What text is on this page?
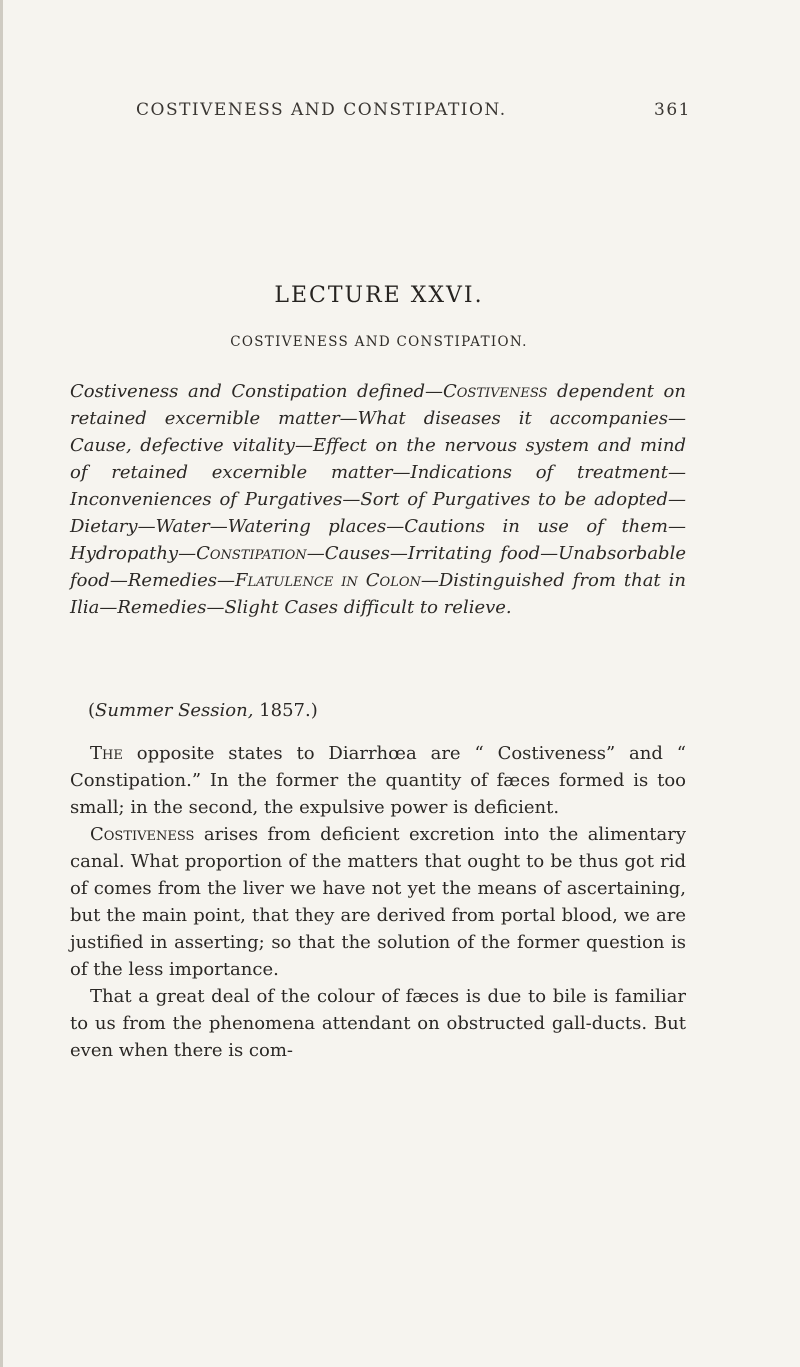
COSTIVENESS AND CONSTIPATION.	361
LECTURE XXVI.
COSTIVENESS AND CONSTIPATION.
Costiveness and Constipation defined—Costiveness dependent on retained excernible matter—What diseases it accompanies—Cause, defective vitality—Effect on the nervous system and mind of retained excernible matter—Indications of treatment—Inconveniences of Purgatives—Sort of Purgatives to be adopted—Dietary—Water—Watering places—Cautions in use of them—Hydropathy—Constipation—Causes—Irritating food—Unabsorbable food—Remedies—Flatulence in Colon—Distinguished from that in Ilia—Remedies—Slight Cases difficult to relieve.
(Summer Session, 1857.)

The opposite states to Diarrhœa are “ Costiveness” and “ Constipation.” In the former the quantity of fæces formed is too small; in the second, the expulsive power is deficient.

Costiveness arises from deficient excretion into the alimentary canal. What proportion of the matters that ought to be thus got rid of comes from the liver we have not yet the means of ascertaining, but the main point, that they are derived from portal blood, we are justified in asserting; so that the solution of the former question is of the less importance.

That a great deal of the colour of fæces is due to bile is familiar to us from the phenomena attendant on obstructed gall-ducts. But even when there is com-
